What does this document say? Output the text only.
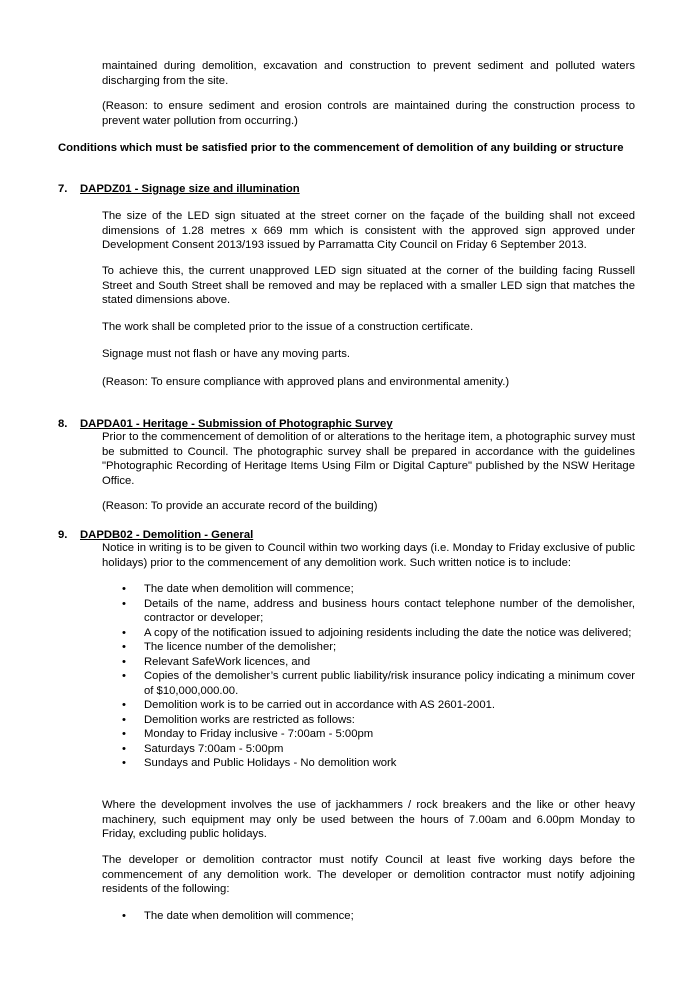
maintained during demolition, excavation and construction to prevent sediment and polluted waters discharging from the site.

(Reason: to ensure sediment and erosion controls are maintained during the construction process to prevent water pollution from occurring.)

Conditions which must be satisfied prior to the commencement of demolition of any building or structure

7. DAPDZ01 - Signage size and illumination

The size of the LED sign situated at the street corner on the façade of the building shall not exceed dimensions of 1.28 metres x 669 mm which is consistent with the approved sign approved under Development Consent 2013/193 issued by Parramatta City Council on Friday 6 September 2013.

To achieve this, the current unapproved LED sign situated at the corner of the building facing Russell Street and South Street shall be removed and may be replaced with a smaller LED sign that matches the stated dimensions above.

The work shall be completed prior to the issue of a construction certificate.

Signage must not flash or have any moving parts.

(Reason: To ensure compliance with approved plans and environmental amenity.)

8. DAPDA01 - Heritage - Submission of Photographic Survey

Prior to the commencement of demolition of or alterations to the heritage item, a photographic survey must be submitted to Council. The photographic survey shall be prepared in accordance with the guidelines "Photographic Recording of Heritage Items Using Film or Digital Capture" published by the NSW Heritage Office.

(Reason: To provide an accurate record of the building)

9. DAPDB02 - Demolition - General

Notice in writing is to be given to Council within two working days (i.e. Monday to Friday exclusive of public holidays) prior to the commencement of any demolition work. Such written notice is to include:

• The date when demolition will commence;
• Details of the name, address and business hours contact telephone number of the demolisher, contractor or developer;
• A copy of the notification issued to adjoining residents including the date the notice was delivered;
• The licence number of the demolisher;
• Relevant SafeWork licences, and
• Copies of the demolisher’s current public liability/risk insurance policy indicating a minimum cover of $10,000,000.00.
• Demolition work is to be carried out in accordance with AS 2601-2001.
• Demolition works are restricted as follows:
• Monday to Friday inclusive - 7:00am - 5:00pm
• Saturdays 7:00am - 5:00pm
• Sundays and Public Holidays - No demolition work

Where the development involves the use of jackhammers / rock breakers and the like or other heavy machinery, such equipment may only be used between the hours of 7.00am and 6.00pm Monday to Friday, excluding public holidays.

The developer or demolition contractor must notify Council at least five working days before the commencement of any demolition work. The developer or demolition contractor must notify adjoining residents of the following:

• The date when demolition will commence;
